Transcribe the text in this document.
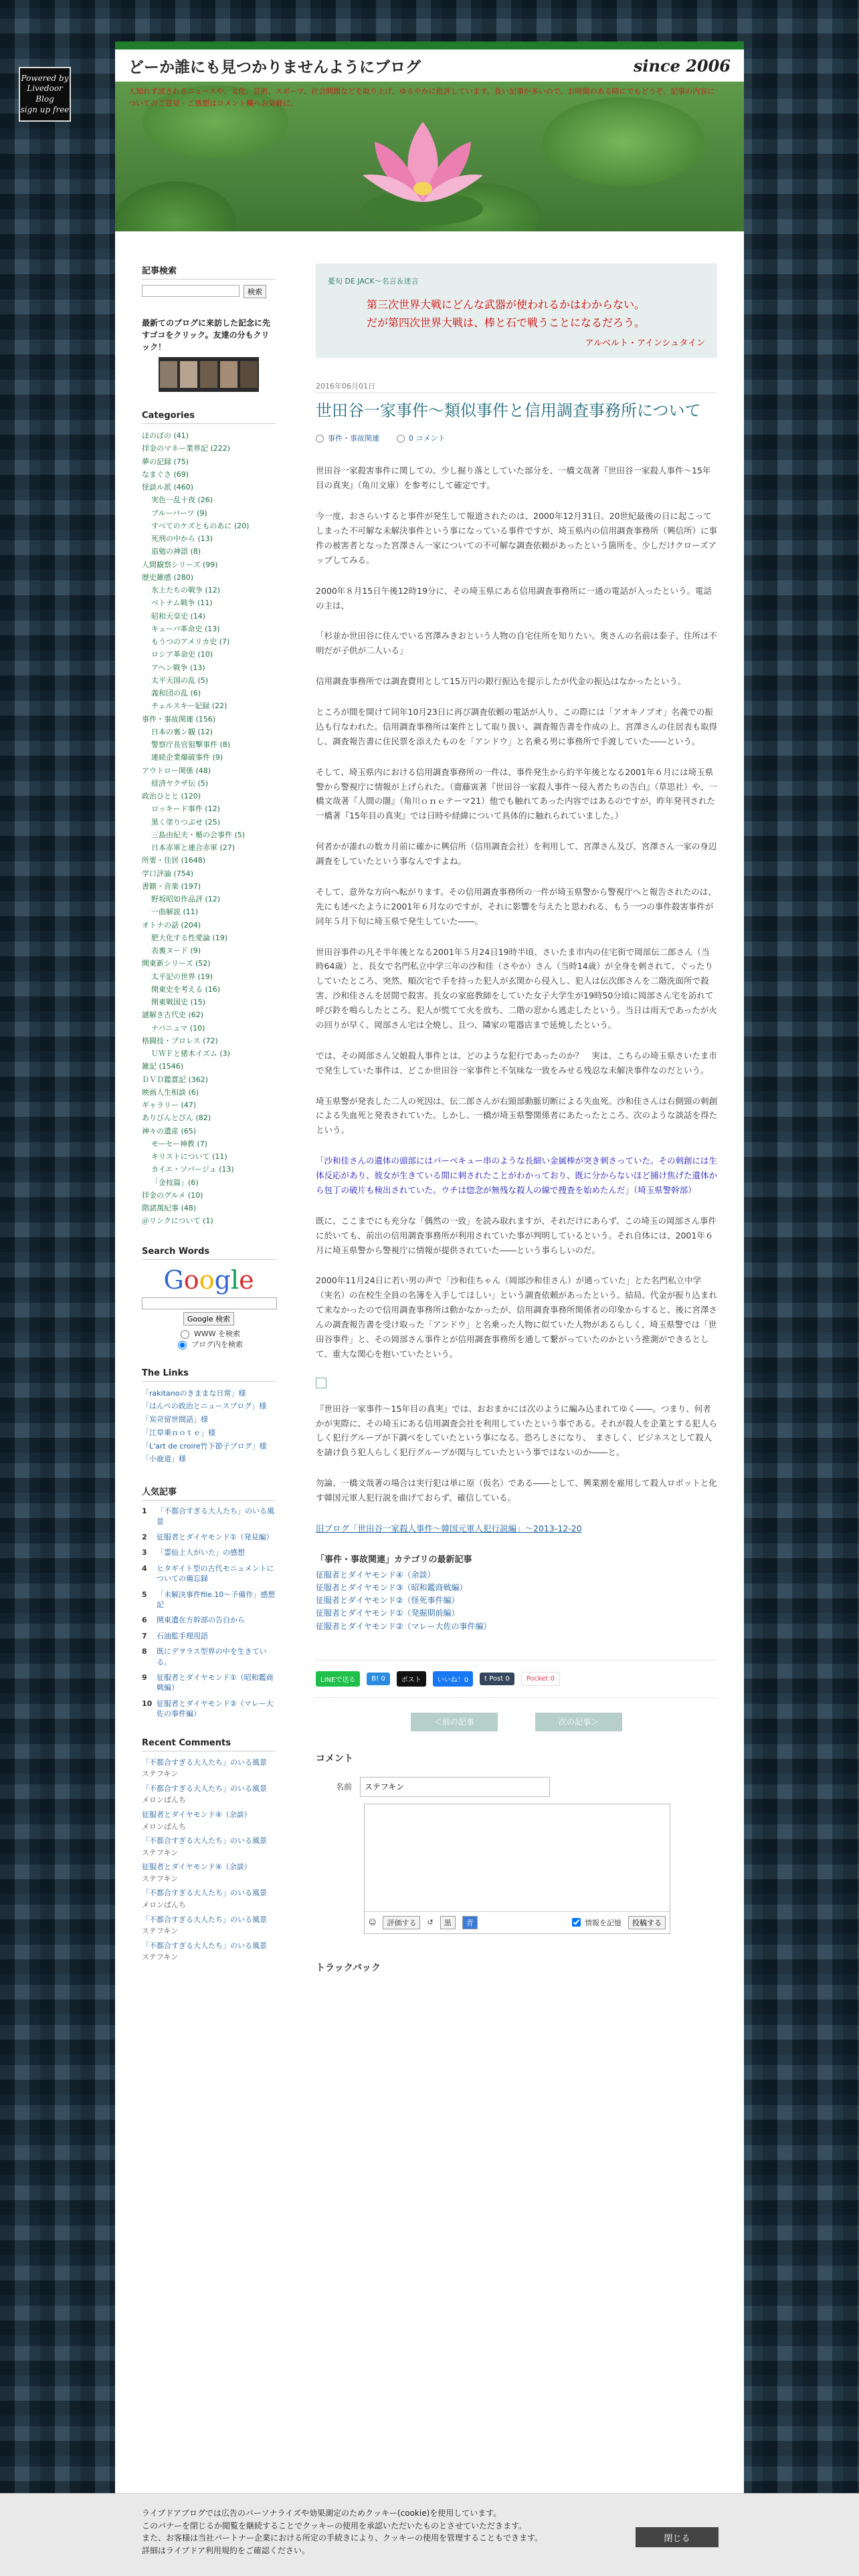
Powered by
Livedoor Blog
sign up free
どーか誰にも見つかりませんようにブログ	since 2006
人知れず流されるニュースや、文化、芸術、スポーツ、社会問題などを取り上げ、ゆるやかに批評しています。長い記事が多いので、お時間のある時にでもどうぞ。記事の内容についてのご意見・ご感想はコメント欄へお気軽に。
記事検索
検索
最新てのブログに来訪した記念に先すゴコをクリック。友達の分もクリック！
Categories
ほのぼの (41)
拝金のマネー業界記 (222)
夢の記録 (75)
なまぐさ (69)
怪談ル派 (460)
実色一乱十夜 (26)
ブルーバーツ (9)
すべてのケズとものあに (20)
死刑の中から (13)
追勉の神語 (8)
人間観察シリーズ (99)
歴史雑感 (280)
氷上たちの戦争 (12)
ベトナム戦争 (11)
昭和天皇史 (14)
キューバ革命史 (13)
もうつのアメリカ史 (7)
ロシア革命史 (10)
アヘン戦争 (13)
太平天国の乱 (5)
義和団の乱 (6)
チェルスキー妃録 (22)
事件・事故関連 (156)
日本の裏ン観 (12)
警察庁長官狙撃事件 (8)
連続企業爆破事件 (9)
アウトロー関係 (48)
経済ヤクザ伝 (5)
政治ひとと (120)
ロッキード事件 (12)
黒く塗りつぶせ (25)
三島由紀夫・楯の会事件 (5)
日本赤軍と連合赤軍 (27)
所要・住居 (1648)
学口評論 (754)
書籍・音楽 (197)
野坂昭如作品評 (12)
一曲解説 (11)
オトナの話 (204)
肥大化する性愛論 (19)
表裏ヌード (9)
開東新シリーズ (52)
太平記の世界 (19)
開東史を考える (16)
開東戦国史 (15)
謎解き古代史 (62)
ナバニュマ (10)
格闘技・プロレス (72)
ＵＷＦと猪木イズム (3)
雑記 (1546)
ＤＶＤ鑑賞記 (362)
映画人生相談 (6)
ギャラリー (47)
ありびんとびん (82)
神々の遺産 (65)
モーセー神教 (7)
キリストについて (11)
カイエ・ソバージュ (13)
「金枝篇」(6)
拝金のグルメ (10)
階諸萬紀事 (48)
＠リンクについて (1)
Search Words
Google
Google 検索
WWW を検索
ブログ内を検索
The Links
「rakitanoのきままな日常」様
「はんぺの政治とニュースブログ」様
「炭苛留世間話」様
「江草乗ｎｏｔｅ」様
「L'art de croire竹下節子ブログ」様
「小鹿道」様
人気記事
1	「不都合すぎる大人たち」のいる風景
2	征服者とダイヤモンド①（発見編）
3	「霊仙上人がいた」の感想
4	ヒタギイト型の古代モニュメントについての備忘録
5	「未解決事件file.10〜予備作」感想記
6	開東遺在方幹部の告白から
7	石油監手理用語
8	既にデヲラス型界の中を生きている。
9	征服者とダイヤモンド①（昭和鑑商戦編）
10 征服者とダイヤモンド②（マレー大佐の事件編）
Recent Comments
「不都合すぎる大人たち」のいる風景
ステフキン
「不都合すぎる大人たち」のいる風景
メロンぱんち
征服者とダイヤモンド④（余談）
メロンぱんち
「不都合すぎる大人たち」のいる風景
ステフキン
征服者とダイヤモンド④（余談）
ステフキン
「不都合すぎる大人たち」のいる風景
メロンぱんち
「不都合すぎる大人たち」のいる風景
ステフキン
「不都合すぎる大人たち」のいる風景
ステフキン
憂旬 DE JACK〜名言＆迷言
第三次世界大戦にどんな武器が使われるかはわからない。
だが第四次世界大戦は、棒と石で戦うことになるだろう。
アルベルト・アインシュタイン
2016年06月01日
世田谷一家事件〜類似事件と信用調査事務所について
事件・事故関連	0 コメント

世田谷一家殺害事件に関しての、少し掘り落としていた部分を、一橋文哉著『世田谷一家殺人事件〜15年目の真実』（角川文庫）を参考にして確定です。

今一度、おさらいすると事件が発生して報道されたのは、2000年12月31日。20世紀最後の日に起こってしまった不可解な未解決事件という事になっている事件ですが、埼玉県内の信用調査事務所（興信所）に事件の被害者となった宮澤さん一家についての不可解な調査依頼があったという箇所を、少しだけクローズアップしてみる。

2000年８月15日午後12時19分に、その埼玉県にある信用調査事務所に一通の電話が入ったという。電話の主は、

「杉並か世田谷に住んでいる宮澤みきおという人物の自宅住所を知りたい。奥さんの名前は泰子、住所は不明だが子供が二人いる」

信用調査事務所では調査費用として15万円の銀行振込を提示したが代金の振込はなかったという。

ところが間を開けて同年10月23日に再び調査依頼の電話が入り、この際には「アオキノブオ」名義での振込も行なわれた。信用調査事務所は案件として取り扱い、調査報告書を作成の上、宮澤さんの住居表も取得し、調査報告書に住民票を添えたものを「アンドウ」と名乗る男に事務所で手渡していた――という。

そして、埼玉県内における信用調査事務所の一件は、事件発生から約半年後となる2001年６月には埼玉県警から警視庁に情報が上げられた。（齋藤寅著『世田谷一家殺人事件〜侵入者たちの告白』（草思社）や、一橋文哉著『人間の闇』（角川ｏｎｅテーマ21）他でも触れてあった内容ではあるのですが、昨年発刊された一橋著『15年目の真実』では日時や経緯について具体的に触れられていました。）

何者かが誰れの数カ月前に確かに興信所（信用調査会社）を利用して、宮澤さん及び、宮澤さん一家の身辺調査をしていたという事なんですよね。

そして、意外な方向へ転がります。その信用調査事務所の一件が埼玉県警から警視庁へと報告されたのは、先にも述べたように2001年６月なのですが、それに影響を与えたと思われる、もう一つの事件殺害事件が同年５月下旬に埼玉県で発生していた――。

世田谷事件の凡そ半年後となる2001年５月24日19時半頃、さいたま市内の住宅街で岡部伝二郎さん（当時64歳）と、長女で名門私立中学三年の沙和佳（さやか）さん（当時14歳）が全身を刺されて、ぐったりしていたところ、突然、順次宅で手を持った犯人が玄関から侵入し、犯人は伝次郎さんを二階洗面所で殺害、沙和佳さんを居間で殺害。長女の家庭教師をしていた女子大学生が19時50分頃に岡部さん宅を訪れて呼び鈴を鳴らしたところ、犯人が慌てて火を放ち、二階の窓から逃走したという。当日は雨天であったが火の回りが早く、岡部さん宅は全焼し、且つ、隣家の電器店まで延焼したという。

では、その岡部さん父娘殺人事件とは、どのような犯行であったのか？　実は、こちらの埼玉県さいたま市で発生していた事件は、どこか世田谷一家事件と不気味な一致をみせる残忍な未解決事件なのだという。

埼玉県警が発表した二人の死因は、伝二郎さんが右頸部動脈切断による失血死。沙和佳さんは右側頸の刺創による失血死と発表されていた。しかし、一橋が埼玉県警関係者にあたったところ、次のような談話を得たという。

「沙和佳さんの遺体の頭部にはバーベキュー串のような長細い金属棒が突き刺さっていた。その刺創には生体反応があり、彼女が生きている間に刺されたことがわかっており、既に分からないほど捕け焦げた遺体から包丁の破片も検出されていた。ウチは惚念が無残な殺人の線で捜査を始めたんだ」（埼玉県警幹部）

既に、ここまでにも充分な「偶然の一致」を読み取れますが、それだけにあらず、この埼玉の岡部さん事件に於いても、前出の信用調査事務所が利用されていた事が判明しているという。それ自体には、2001年６月に埼玉県警から警視庁に情報が提供されていた――という事らしいのだ。

2000年11月24日に若い男の声で「沙和佳ちゃん（岡部沙和佳さん）が通っていた」とた名門私立中学（実名）の在校生全員の名簿を入手してほしい」という調査依頼があったという。結局、代金が振り込まれて来なかったので信用調査事務所は動かなかったが、信用調査事務所関係者の印象からすると、後に宮澤さんの調査報告書を受け取った「アンドウ」と名乗った人物に似ていた人物があるらしく、埼玉県警では「世田谷事件」と、その岡部さん事件とが信用調査事務所を通して繋がっていたのかという推測ができるとして、重大な関心を抱いていたという。

『世田谷一家事件〜15年目の真実』では、おおまかには次のように編み込まれてゆく――。つまり、何者かが実際に、その埼玉にある信用調査会社を利用していたという事である。それが殺人を企業とする犯人らしく犯行グループが下調べをしていたという事になる。恐ろしさになり、　まさしく、ビジネスとして殺人を請け負う犯人らしく犯行グループが関与していたという事ではないのか――と。

勿論、一橋文哉著の場合は実行犯は単に原（仮名）である――として、興業割を雇用して殺人ロボットと化す韓国元軍人犯行説を曲げておらず、確信している。

旧ブログ「世田谷一家殺人事件〜韓国元軍人犯行説編」〜2013-12-20

「事件・事故関連」カテゴリの最新記事
征服者とダイヤモンド④（余談）
征服者とダイヤモンド③（昭和鑑商戦編）
征服者とダイヤモンド②（怪死事件編）
征服者とダイヤモンド①（発掘期前編）
征服者とダイヤモンド②（マレー大佐の事件編）
LINEで送る	B! 0	ポスト	いいね！0	t Post 0	Pocket 0
＜前の記事	次の記事＞
コメント
名前
ステフキン
☺	評価する	↺	黒	青	情報を記憶	投稿する
トラックバック
ライブドアブログでは広告のパーソナライズや効果測定のためクッキー(cookie)を使用しています。
このバナーを閉じるか閲覧を継続することでクッキーの使用を承認いただいたものとさせていただきます。
また、お客様は当社パートナー企業における所定の手続きにより、クッキーの使用を管理することもできます。
詳細はライブドア利用規約をご確認ください。
閉じる
